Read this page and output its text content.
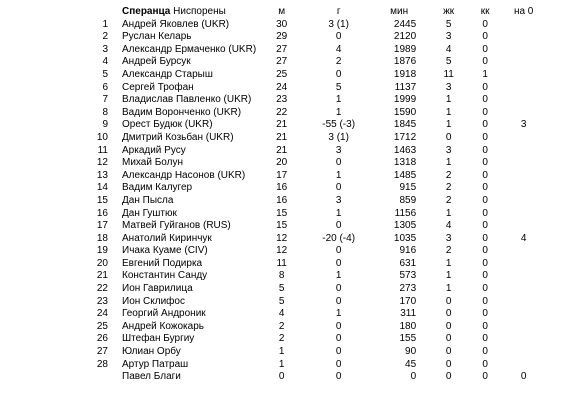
	Сперанца Ниспорены	м	г	мин	жк	кк	на 0
1	Андрей Яковлев (UKR)	30	3 (1)	2445	5	0	
2	Руслан Келарь	29	0	2120	3	0	
3	Александр Ермаченко (UKR)	27	4	1989	4	0	
4	Андрей Бурсук	27	2	1876	5	0	
5	Александр Старыш	25	0	1918	11	1	
6	Сергей Трофан	24	5	1137	3	0	
7	Владислав Павленко (UKR)	23	1	1999	1	0	
8	Вадим Воронченко (UKR)	22	1	1590	1	0	
9	Орест Будюк (UKR)	21	-55 (-3)	1845	1	0	3
10	Дмитрий Козьбан (UKR)	21	3 (1)	1712	0	0	
11	Аркадий Русу	21	3	1463	3	0	
12	Михай Болун	20	0	1318	1	0	
13	Александр Насонов (UKR)	17	1	1485	2	0	
14	Вадим Калугер	16	0	915	2	0	
15	Дан Пысла	16	3	859	2	0	
16	Дан Гуштюк	15	1	1156	1	0	
17	Матвей Гуйганов (RUS)	15	0	1305	4	0	
18	Анатолий Киринчук	12	-20 (-4)	1035	3	0	4
19	Ичака Куаме (CIV)	12	0	916	2	0	
20	Евгений Подирка	11	0	631	1	0	
21	Константин Санду	8	1	573	1	0	
22	Ион Гаврилица	5	0	273	1	0	
23	Ион Склифос	5	0	170	0	0	
24	Георгий Андроник	4	1	311	0	0	
25	Андрей Кожокарь	2	0	180	0	0	
26	Штефан Бургиу	2	0	155	0	0	
27	Юлиан Орбу	1	0	90	0	0	
28	Артур Патраш	1	0	45	0	0	
	Павел Благи	0	0	0	0	0	0
